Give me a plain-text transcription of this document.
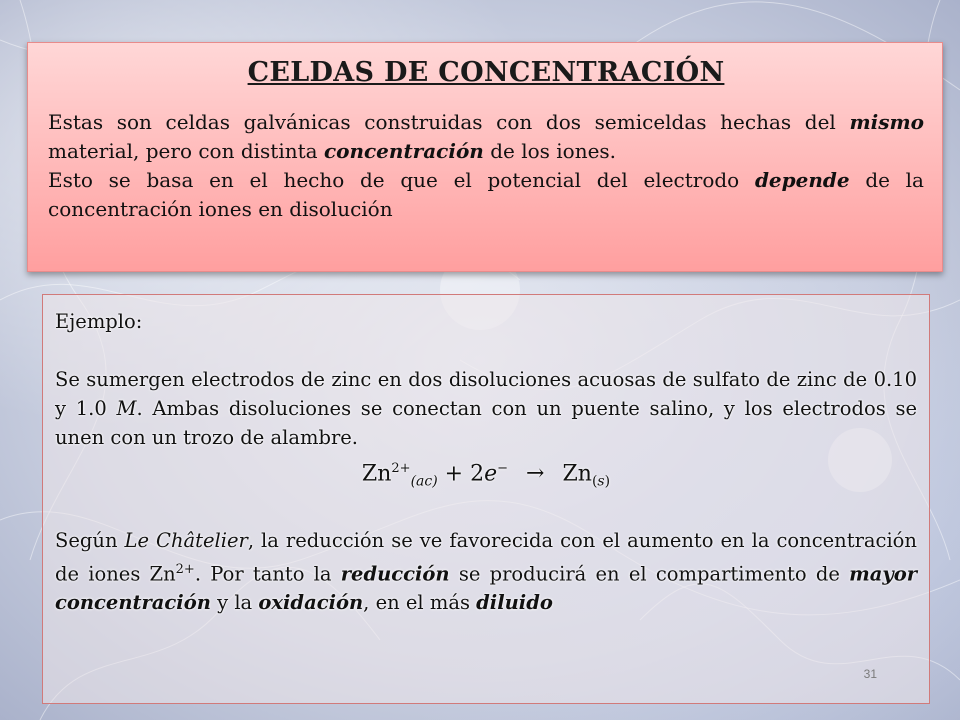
CELDAS DE CONCENTRACIÓN

Estas son celdas galvánicas construidas con dos semiceldas hechas del mismo material, pero con distinta concentración de los iones.
Esto se basa en el hecho de que el potencial del electrodo depende de la concentración iones en disolución

Ejemplo:

Se sumergen electrodos de zinc en dos disoluciones acuosas de sulfato de zinc de 0.10 y 1.0 M. Ambas disoluciones se conectan con un puente salino, y los electrodos se unen con un trozo de alambre.

$Zn^{2+}_{(ac)} + 2e^- \to Zn_{(s)}$

Según Le Châtelier, la reducción se ve favorecida con el aumento en la concentración de iones $Zn^{2+}$. Por tanto la reducción se producirá en el compartimento de mayor concentración y la oxidación, en el más diluido

31
